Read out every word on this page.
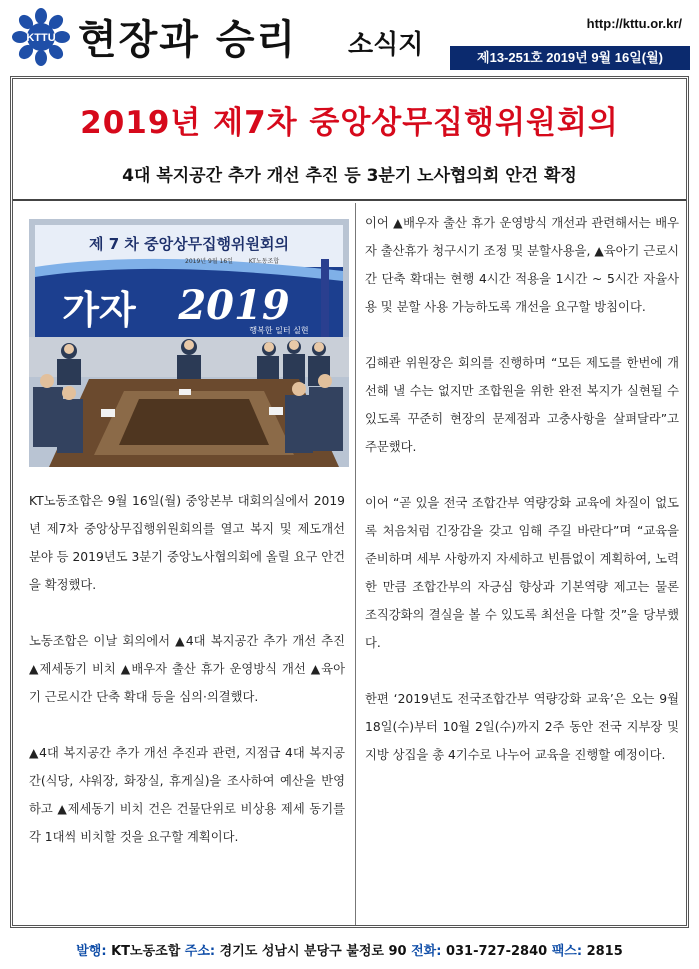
KTTU 현장과 승리 소식지
http://kttu.or.kr/
제13-251호 2019년 9월 16일(월)
2019년 제7차 중앙상무집행위원회의
4대 복지공간 추가 개선 추진 등 3분기 노사협의회 안건 확정
제 7 차 중앙상무집행위원회의
2019년 9월 16일	KT노동조합
가자 2019
행복한 일터 실현

KT노동조합은 9월 16일(월) 중앙본부 대회의실에서 2019년 제7차 중앙상무집행위원회의를 열고 복지 및 제도개선 분야 등 2019년도 3분기 중앙노사협의회에 올릴 요구 안건을 확정했다.

노동조합은 이날 회의에서 ▲4대 복지공간 추가 개선 추진 ▲제세동기 비치 ▲배우자 출산 휴가 운영방식 개선 ▲육아기 근로시간 단축 확대 등을 심의·의결했다.

▲4대 복지공간 추가 개선 추진과 관련, 지점급 4대 복지공간(식당, 샤워장, 화장실, 휴게실)을 조사하여 예산을 반영하고 ▲제세동기 비치 건은 건물단위로 비상용 제세 동기를 각 1대씩 비치할 것을 요구할 계획이다.

이어 ▲배우자 출산 휴가 운영방식 개선과 관련해서는 배우자 출산휴가 청구시기 조정 및 분할사용을, ▲육아기 근로시간 단축 확대는 현행 4시간 적용을 1시간 ~ 5시간 자율사용 및 분할 사용 가능하도록 개선을 요구할 방침이다.

김해관 위원장은 회의를 진행하며 “모든 제도를 한번에 개선해 낼 수는 없지만 조합원을 위한 완전 복지가 실현될 수 있도록 꾸준히 현장의 문제점과 고충사항을 살펴달라”고 주문했다.

이어 “곧 있을 전국 조합간부 역량강화 교육에 차질이 없도록 처음처럼 긴장감을 갖고 임해 주길 바란다”며 “교육을 준비하며 세부 사항까지 자세하고 빈틈없이 계획하여, 노력한 만큼 조합간부의 자긍심 향상과 기본역량 제고는 물론 조직강화의 결실을 볼 수 있도록 최선을 다할 것”을 당부했다.

한편 ‘2019년도 전국조합간부 역량강화 교육’은 오는 9월 18일(수)부터 10월 2일(수)까지 2주 동안 전국 지부장 및 지방 상집을 총 4기수로 나누어 교육을 진행할 예정이다.

발행: KT노동조합 주소: 경기도 성남시 분당구 불정로 90 전화: 031-727-2840 팩스: 2815
